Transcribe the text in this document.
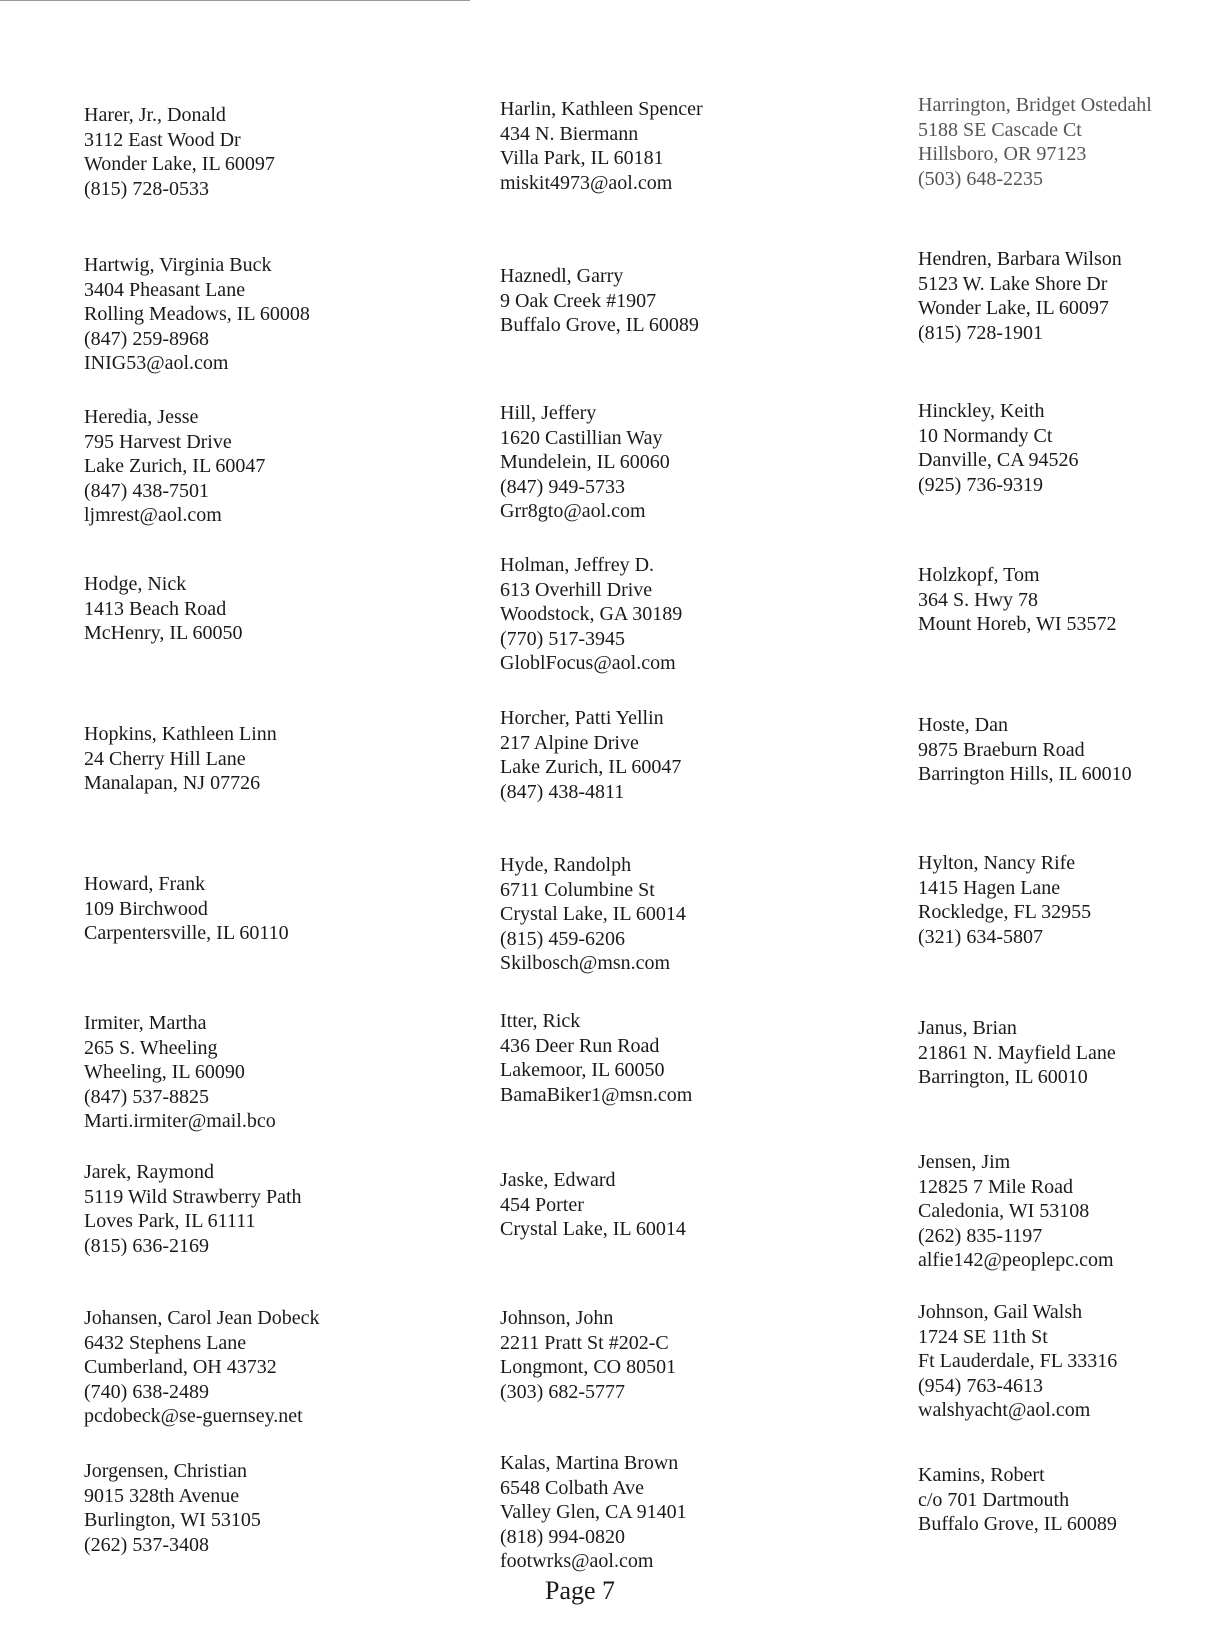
Harer, Jr., Donald
3112 East Wood Dr
Wonder Lake, IL 60097
(815) 728-0533
Harlin, Kathleen Spencer
434 N. Biermann
Villa Park, IL 60181
miskit4973@aol.com
Harrington, Bridget Ostedahl
5188 SE Cascade Ct
Hillsboro, OR 97123
(503) 648-2235
Hartwig, Virginia Buck
3404 Pheasant Lane
Rolling Meadows, IL 60008
(847) 259-8968
INIG53@aol.com
Haznedl, Garry
9 Oak Creek #1907
Buffalo Grove, IL 60089
Hendren, Barbara Wilson
5123 W. Lake Shore Dr
Wonder Lake, IL 60097
(815) 728-1901
Heredia, Jesse
795 Harvest Drive
Lake Zurich, IL 60047
(847) 438-7501
ljmrest@aol.com
Hill, Jeffery
1620 Castillian Way
Mundelein, IL 60060
(847) 949-5733
Grr8gto@aol.com
Hinckley, Keith
10 Normandy Ct
Danville, CA 94526
(925) 736-9319
Hodge, Nick
1413 Beach Road
McHenry, IL 60050
Holman, Jeffrey D.
613 Overhill Drive
Woodstock, GA 30189
(770) 517-3945
GloblFocus@aol.com
Holzkopf, Tom
364 S. Hwy 78
Mount Horeb, WI 53572
Hopkins, Kathleen Linn
24 Cherry Hill Lane
Manalapan, NJ 07726
Horcher, Patti Yellin
217 Alpine Drive
Lake Zurich, IL 60047
(847) 438-4811
Hoste, Dan
9875 Braeburn Road
Barrington Hills, IL 60010
Howard, Frank
109 Birchwood
Carpentersville, IL 60110
Hyde, Randolph
6711 Columbine St
Crystal Lake, IL 60014
(815) 459-6206
Skilbosch@msn.com
Hylton, Nancy Rife
1415 Hagen Lane
Rockledge, FL 32955
(321) 634-5807
Irmiter, Martha
265 S. Wheeling
Wheeling, IL 60090
(847) 537-8825
Marti.irmiter@mail.bco
Itter, Rick
436 Deer Run Road
Lakemoor, IL 60050
BamaBiker1@msn.com
Janus, Brian
21861 N. Mayfield Lane
Barrington, IL 60010
Jarek, Raymond
5119 Wild Strawberry Path
Loves Park, IL 61111
(815) 636-2169
Jaske, Edward
454 Porter
Crystal Lake, IL 60014
Jensen, Jim
12825 7 Mile Road
Caledonia, WI 53108
(262) 835-1197
alfie142@peoplepc.com
Johansen, Carol Jean Dobeck
6432 Stephens Lane
Cumberland, OH 43732
(740) 638-2489
pcdobeck@se-guernsey.net
Johnson, John
2211 Pratt St #202-C
Longmont, CO 80501
(303) 682-5777
Johnson, Gail Walsh
1724 SE 11th St
Ft Lauderdale, FL 33316
(954) 763-4613
walshyacht@aol.com
Jorgensen, Christian
9015 328th Avenue
Burlington, WI 53105
(262) 537-3408
Kalas, Martina Brown
6548 Colbath Ave
Valley Glen, CA 91401
(818) 994-0820
footwrks@aol.com
Kamins, Robert
c/o 701 Dartmouth
Buffalo Grove, IL 60089
Page 7
